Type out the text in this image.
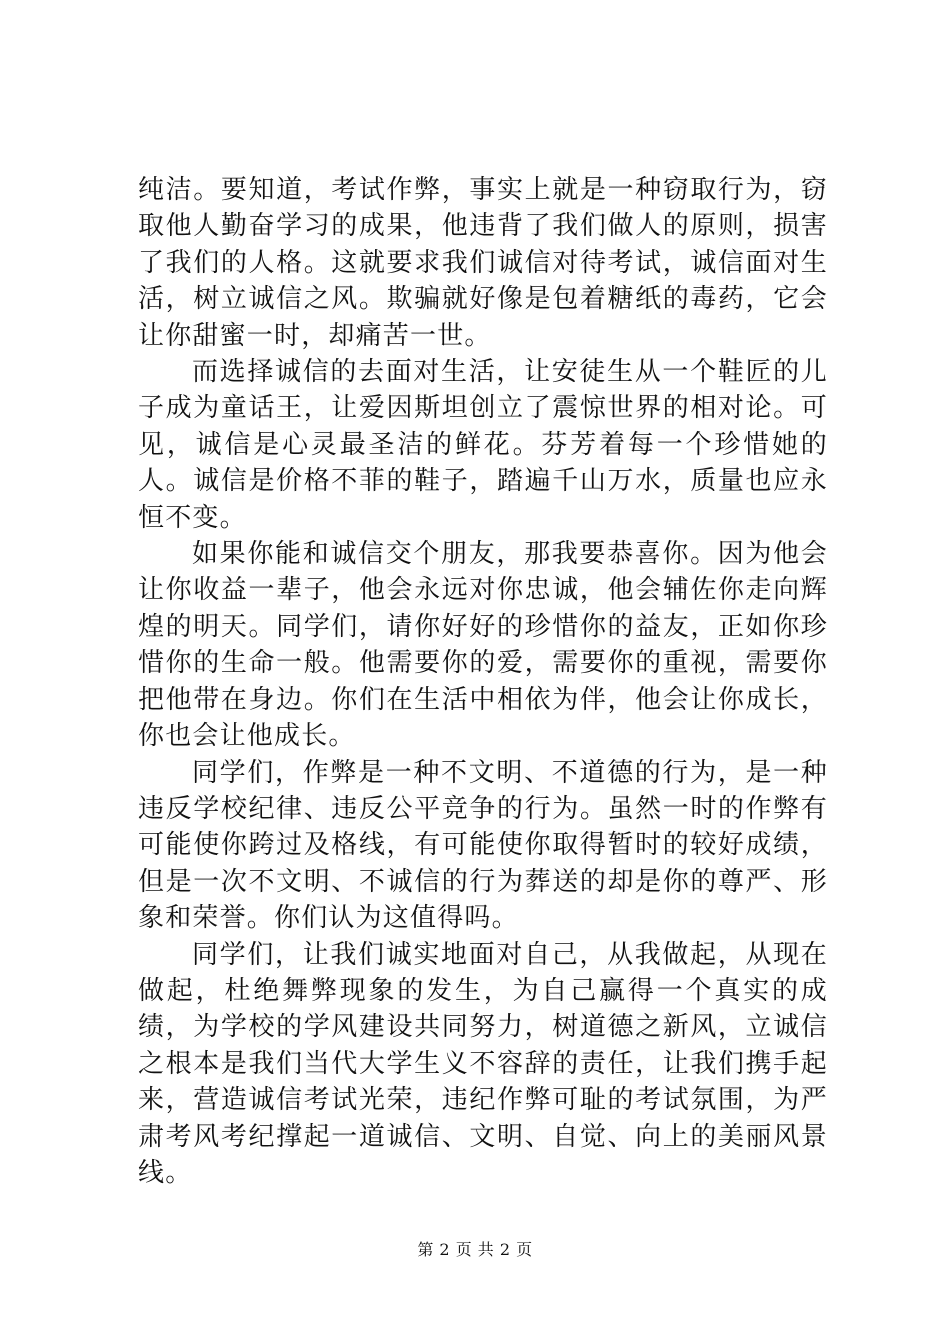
纯洁。要知道，考试作弊，事实上就是一种窃取行为，窃取他人勤奋学习的成果，他违背了我们做人的原则，损害了我们的人格。这就要求我们诚信对待考试，诚信面对生活，树立诚信之风。欺骗就好像是包着糖纸的毒药，它会让你甜蜜一时，却痛苦一世。

而选择诚信的去面对生活，让安徒生从一个鞋匠的儿子成为童话王，让爱因斯坦创立了震惊世界的相对论。可见，诚信是心灵最圣洁的鲜花。芬芳着每一个珍惜她的人。诚信是价格不菲的鞋子，踏遍千山万水，质量也应永恒不变。

如果你能和诚信交个朋友，那我要恭喜你。因为他会让你收益一辈子，他会永远对你忠诚，他会辅佐你走向辉煌的明天。同学们，请你好好的珍惜你的益友，正如你珍惜你的生命一般。他需要你的爱，需要你的重视，需要你把他带在身边。你们在生活中相依为伴，他会让你成长，你也会让他成长。

同学们，作弊是一种不文明、不道德的行为，是一种违反学校纪律、违反公平竞争的行为。虽然一时的作弊有可能使你跨过及格线，有可能使你取得暂时的较好成绩，但是一次不文明、不诚信的行为葬送的却是你的尊严、形象和荣誉。你们认为这值得吗。

同学们，让我们诚实地面对自己，从我做起，从现在做起，杜绝舞弊现象的发生，为自己赢得一个真实的成绩，为学校的学风建设共同努力，树道德之新风，立诚信之根本是我们当代大学生义不容辞的责任，让我们携手起来，营造诚信考试光荣，违纪作弊可耻的考试氛围，为严肃考风考纪撑起一道诚信、文明、自觉、向上的美丽风景线。

第 2 页 共 2 页
